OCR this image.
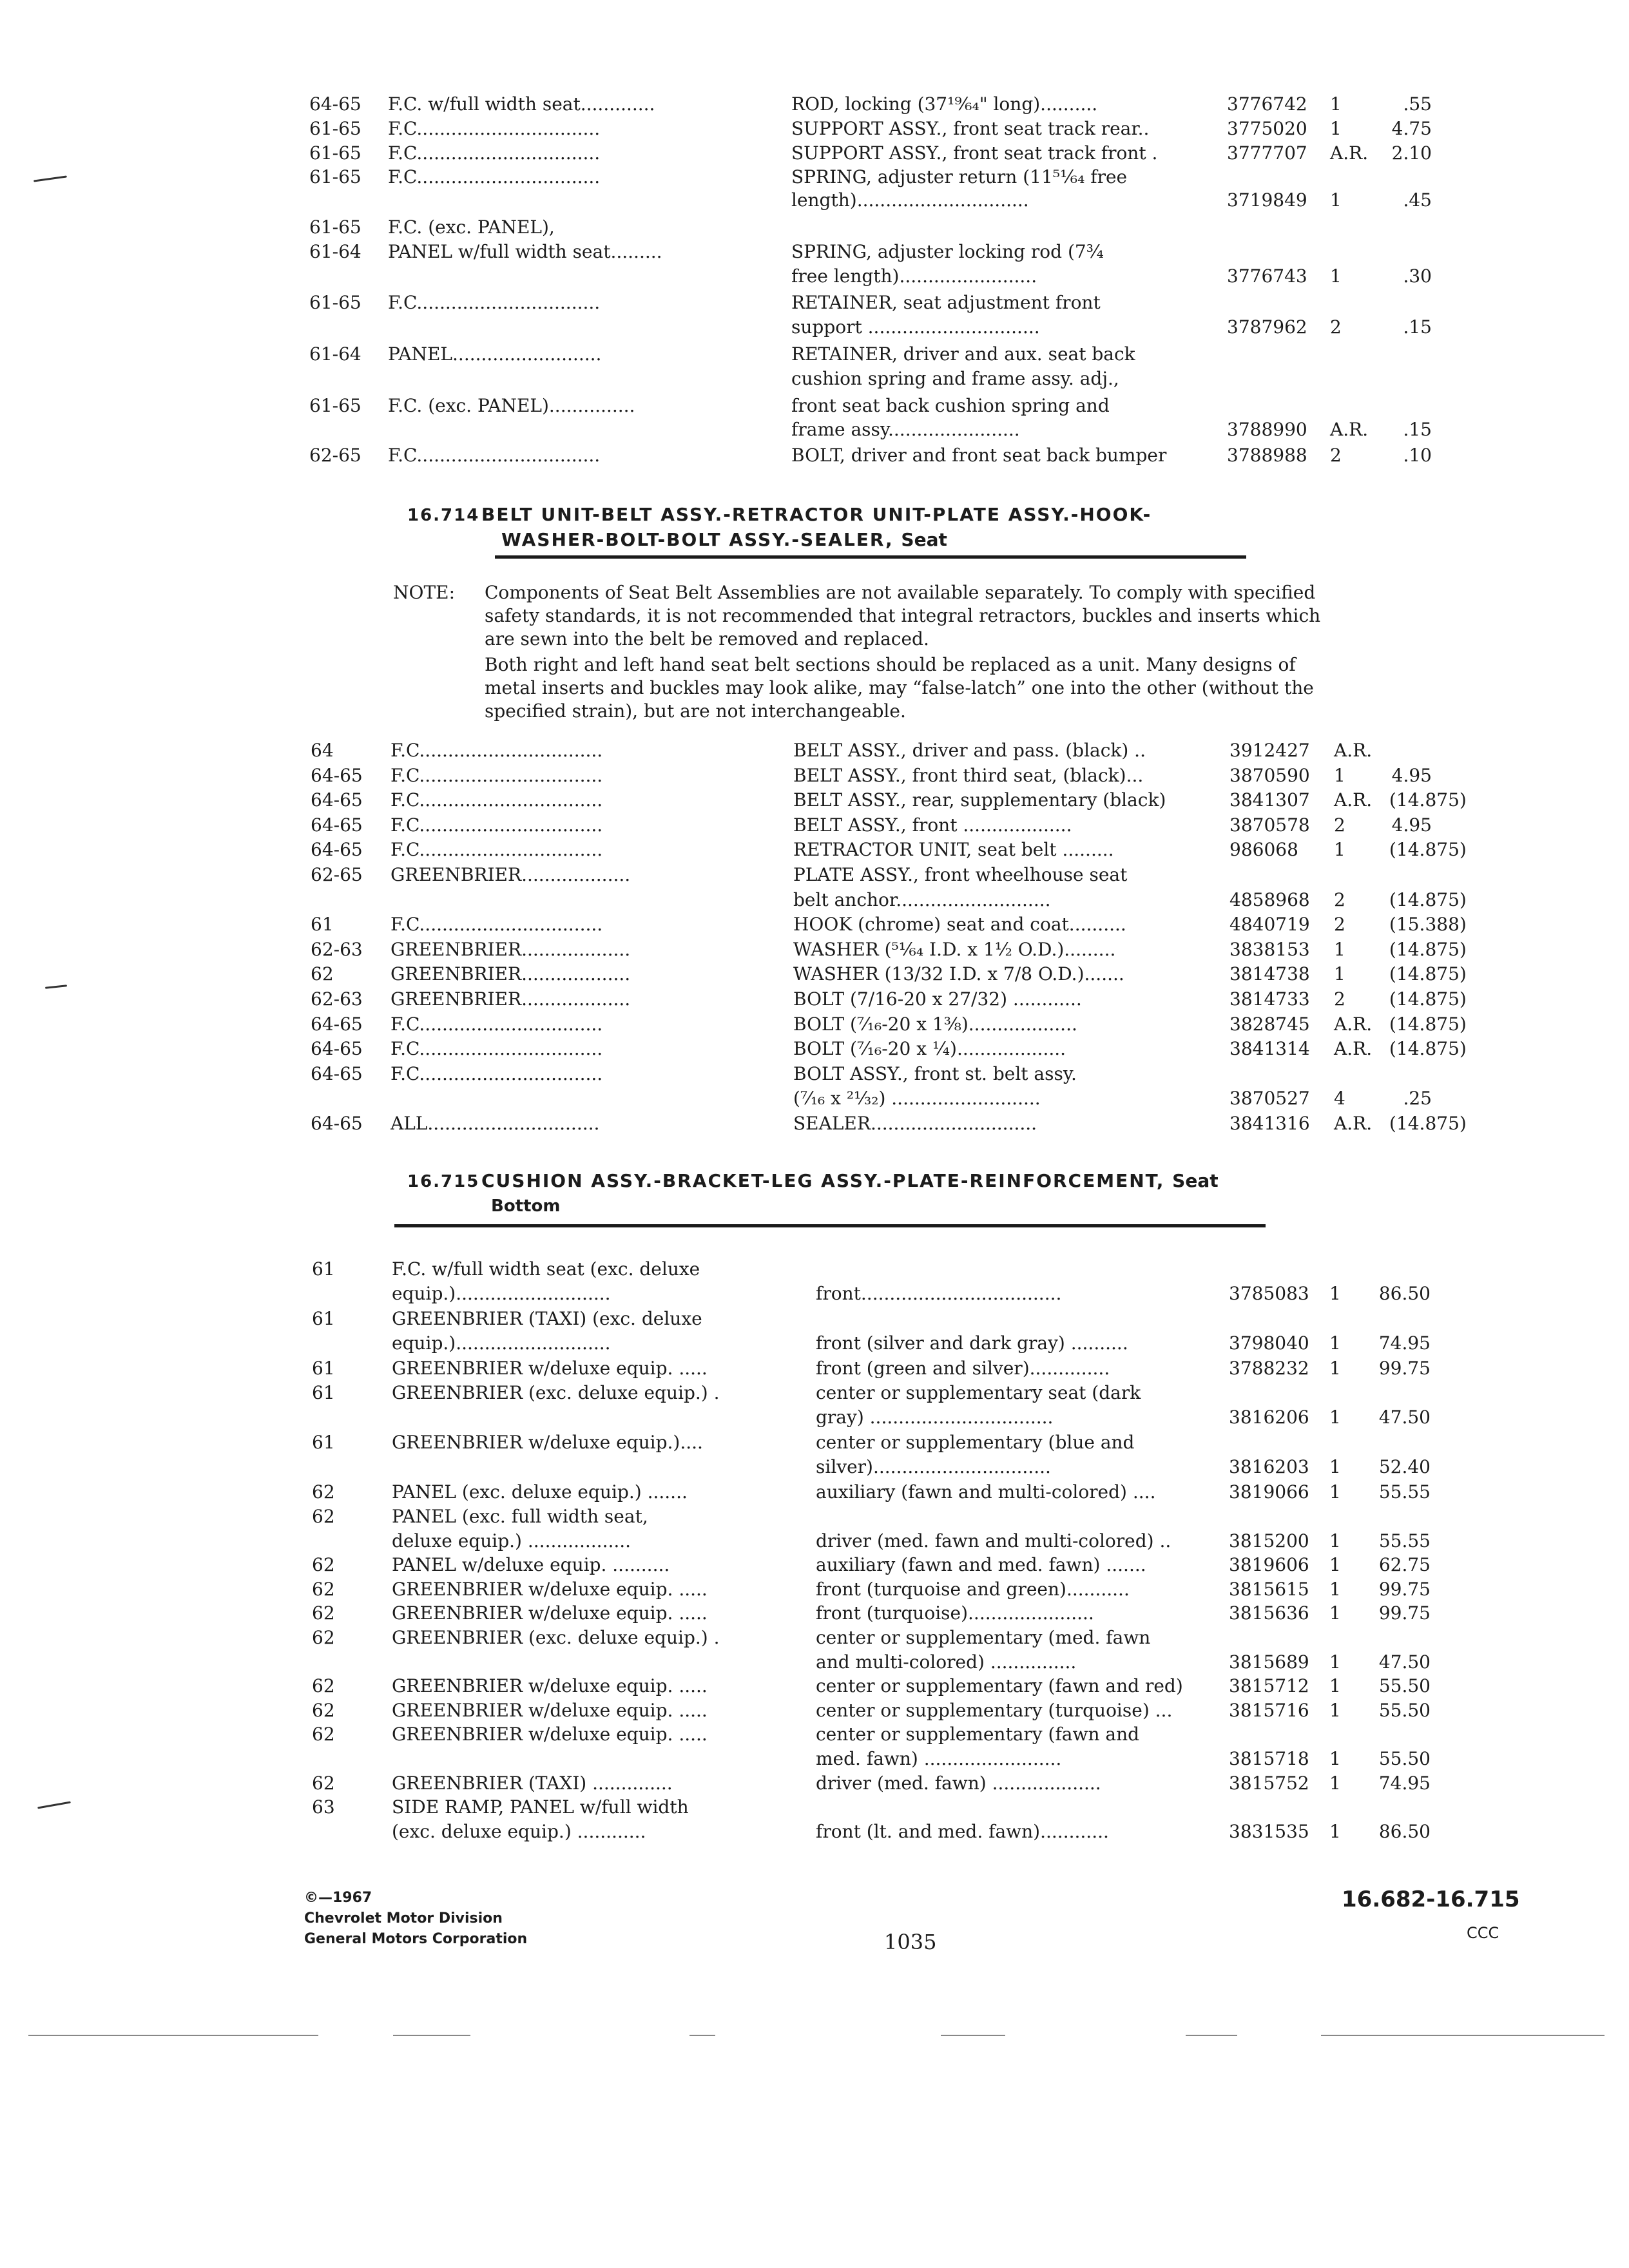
64-65 F.C. w/full width seat.............	ROD, locking (37¹⁹⁄₆₄" long)..........	3776742 1	.55
61-65 F.C................................	SUPPORT ASSY., front seat track rear..	3775020 1	4.75
61-65 F.C................................	SUPPORT ASSY., front seat track front .	3777707 A.R.	2.10
61-65 F.C................................	SPRING, adjuster return (11⁵¹⁄₆₄ free
length)..............................	3719849 1	.45
61-65 F.C. (exc. PANEL),
61-64 PANEL w/full width seat.........	SPRING, adjuster locking rod (7¾
free length)........................	3776743 1	.30
61-65 F.C................................	RETAINER, seat adjustment front
support ..............................	3787962 2	.15
61-64 PANEL..........................	RETAINER, driver and aux. seat back
cushion spring and frame assy. adj.,
61-65 F.C. (exc. PANEL)...............	front seat back cushion spring and
frame assy.......................	3788990 A.R.	.15
62-65 F.C................................	BOLT, driver and front seat back bumper	3788988 2	.10
16.714BELT UNIT-BELT ASSY.-RETRACTOR UNIT-PLATE ASSY.-HOOK-
WASHER-BOLT-BOLT ASSY.-SEALER, Seat
NOTE: Components of Seat Belt Assemblies are not available separately. To comply with specified safety standards, it is not recommended that integral retractors, buckles and inserts which are sewn into the belt be removed and replaced.

Both right and left hand seat belt sections should be replaced as a unit. Many designs of metal inserts and buckles may look alike, may “false-latch” one into the other (without the specified strain), but are not interchangeable.

64	F.C................................	BELT ASSY., driver and pass. (black) ..	3912427 A.R.
64-65 F.C................................	BELT ASSY., front third seat, (black)...	3870590 1	4.95
64-65 F.C................................	BELT ASSY., rear, supplementary (black)	3841307 A.R. (14.875)
64-65 F.C................................	BELT ASSY., front ...................	3870578 2	4.95
64-65 F.C................................	RETRACTOR UNIT, seat belt .........	986068 1 (14.875)
62-65 GREENBRIER...................	PLATE ASSY., front wheelhouse seat
belt anchor...........................	4858968 2 (14.875)
61	F.C................................	HOOK (chrome) seat and coat..........	4840719 2 (15.388)
62-63 GREENBRIER...................	WASHER (⁵¹⁄₆₄ I.D. x 1½ O.D.).........	3838153 1 (14.875)
62	GREENBRIER...................	WASHER (13/32 I.D. x 7/8 O.D.).......	3814738 1 (14.875)
62-63 GREENBRIER...................	BOLT (7/16-20 x 27/32) ............	3814733 2 (14.875)
64-65 F.C................................	BOLT (⁷⁄₁₆-20 x 1⅜)...................	3828745 A.R. (14.875)
64-65 F.C................................	BOLT (⁷⁄₁₆-20 x ¼)...................	3841314 A.R. (14.875)
64-65 F.C................................	BOLT ASSY., front st. belt assy.
(⁷⁄₁₆ x ²¹⁄₃₂) ..........................	3870527 4	.25
64-65 ALL..............................	SEALER.............................	3841316 A.R. (14.875)
16.715CUSHION ASSY.-BRACKET-LEG ASSY.-PLATE-REINFORCEMENT, Seat
Bottom
61	F.C. w/full width seat (exc. deluxe
equip.)...........................	front...................................	3785083 1 86.50
61	GREENBRIER (TAXI) (exc. deluxe
equip.)...........................	front (silver and dark gray) ..........	3798040 1 74.95
61	GREENBRIER w/deluxe equip. .....	front (green and silver)..............	3788232 1 99.75
61	GREENBRIER (exc. deluxe equip.) .	center or supplementary seat (dark
gray) ................................	3816206 1 47.50
61	GREENBRIER w/deluxe equip.)....	center or supplementary (blue and
silver)...............................	3816203 1 52.40
62	PANEL (exc. deluxe equip.) .......	auxiliary (fawn and multi-colored) ....	3819066 1 55.55
62	PANEL (exc. full width seat,
deluxe equip.) ..................	driver (med. fawn and multi-colored) ..	3815200 1 55.55
62	PANEL w/deluxe equip. ..........	auxiliary (fawn and med. fawn) .......	3819606 1 62.75
62	GREENBRIER w/deluxe equip. .....	front (turquoise and green)...........	3815615 1 99.75
62	GREENBRIER w/deluxe equip. .....	front (turquoise)......................	3815636 1 99.75
62	GREENBRIER (exc. deluxe equip.) .	center or supplementary (med. fawn
and multi-colored) ...............	3815689 1 47.50
62	GREENBRIER w/deluxe equip. .....	center or supplementary (fawn and red)	3815712 1 55.50
62	GREENBRIER w/deluxe equip. .....	center or supplementary (turquoise) ...	3815716 1 55.50
62	GREENBRIER w/deluxe equip. .....	center or supplementary (fawn and
med. fawn) ........................	3815718 1 55.50
62	GREENBRIER (TAXI) ..............	driver (med. fawn) ...................	3815752 1 74.95
63	SIDE RAMP, PANEL w/full width
(exc. deluxe equip.) ............	front (lt. and med. fawn)............	3831535 1 86.50
©—1967
Chevrolet Motor Division
General Motors Corporation	1035
16.682-16.715
CCC
